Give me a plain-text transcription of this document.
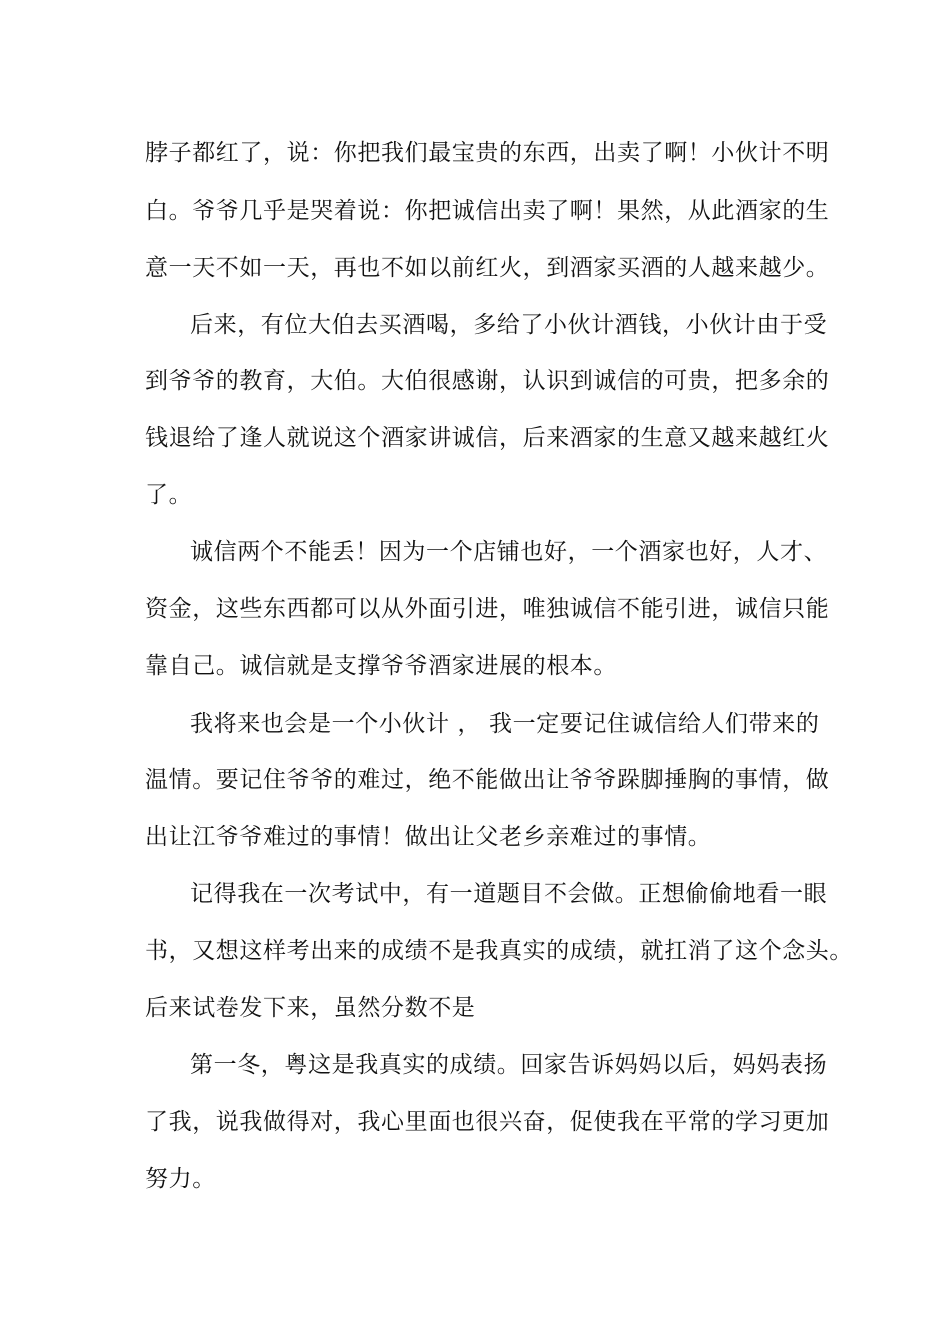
脖子都红了，说：你把我们最宝贵的东西，出卖了啊！小伙计不明
白。爷爷几乎是哭着说：你把诚信出卖了啊！果然，从此酒家的生
意一天不如一天，再也不如以前红火，到酒家买酒的人越来越少。
后来，有位大伯去买酒喝，多给了小伙计酒钱，小伙计由于受
到爷爷的教育，大伯。大伯很感谢，认识到诚信的可贵，把多余的
钱退给了逢人就说这个酒家讲诚信，后来酒家的生意又越来越红火
了。
诚信两个不能丢！因为一个店铺也好，一个酒家也好，人才、
资金，这些东西都可以从外面引进，唯独诚信不能引进，诚信只能
靠自己。诚信就是支撑爷爷酒家进展的根本。
我将来也会是一个小伙计 ， 我一定要记住诚信给人们带来的
温情。要记住爷爷的难过，绝不能做出让爷爷跺脚捶胸的事情，做
出让江爷爷难过的事情！做出让父老乡亲难过的事情。
记得我在一次考试中，有一道题目不会做。正想偷偷地看一眼
书，又想这样考出来的成绩不是我真实的成绩，就扛消了这个念头。
后来试卷发下来，虽然分数不是
第一冬，粤这是我真实的成绩。回家告诉妈妈以后，妈妈表扬
了我，说我做得对，我心里面也很兴奋，促使我在平常的学习更加
努力。
